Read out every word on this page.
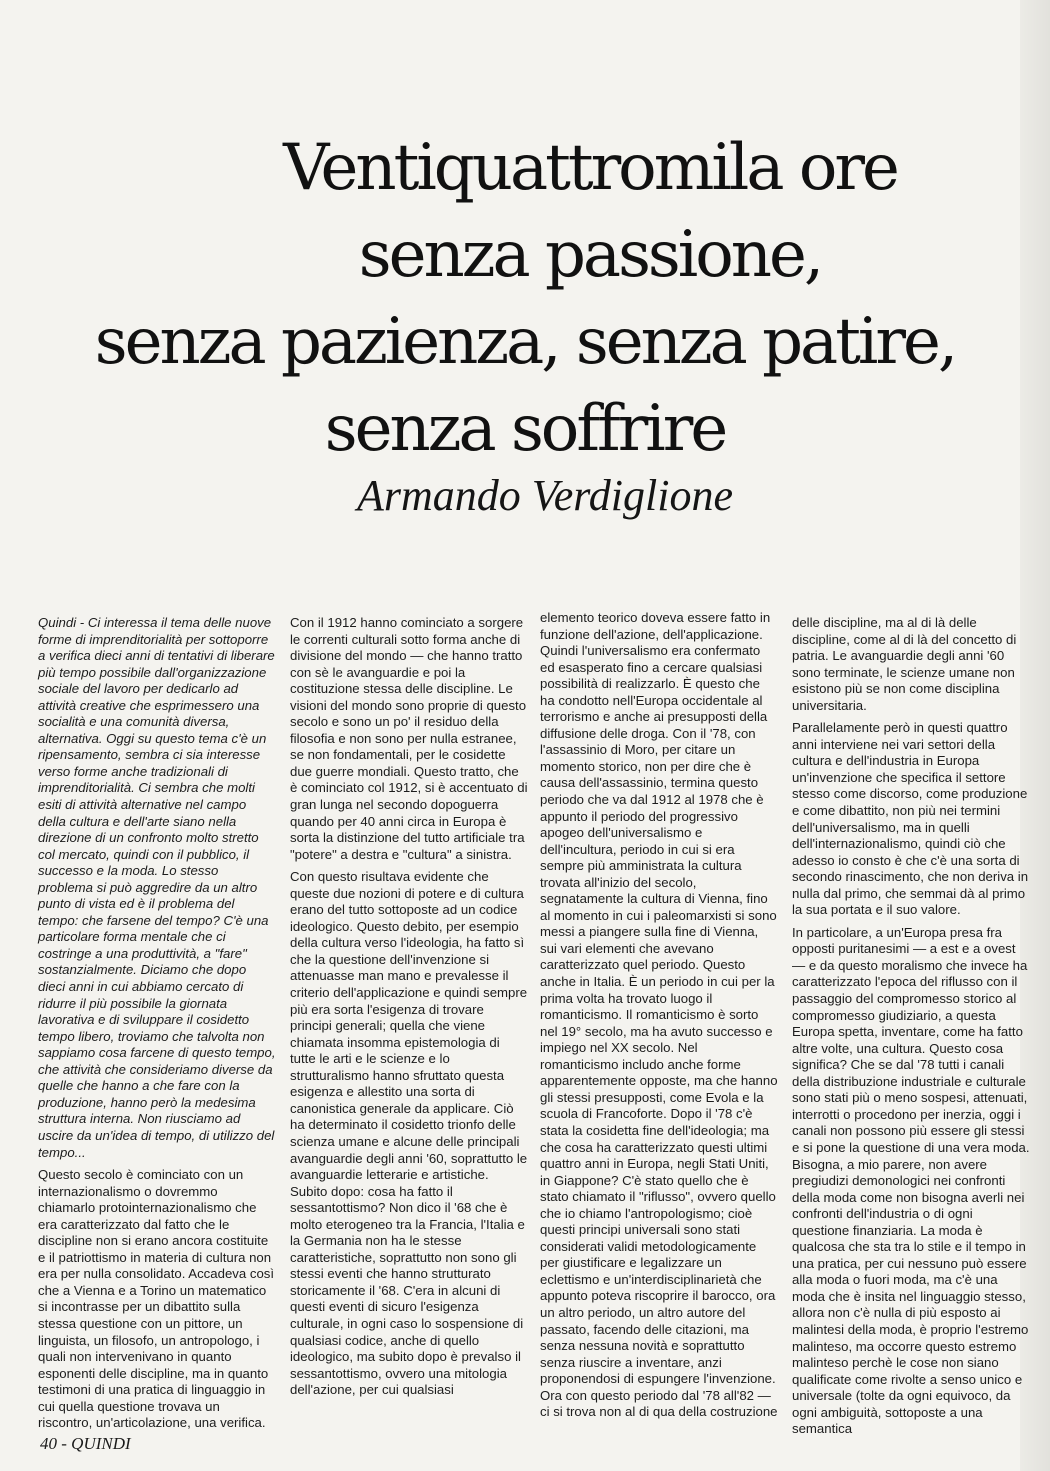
Ventiquattromila ore
senza passione,
senza pazienza, senza patire,
senza soffrire
Armando Verdiglione

Quindi - Ci interessa il tema delle nuove forme di imprenditorialità per sottoporre a verifica dieci anni di tentativi di liberare più tempo possibile dall'organizzazione sociale del lavoro per dedicarlo ad attività creative che esprimessero una socialità e una comunità diversa, alternativa. Oggi su questo tema c'è un ripensamento, sembra ci sia interesse verso forme anche tradizionali di imprenditorialità. Ci sembra che molti esiti di attività alternative nel campo della cultura e dell'arte siano nella direzione di un confronto molto stretto col mercato, quindi con il pubblico, il successo e la moda. Lo stesso problema si può aggredire da un altro punto di vista ed è il problema del tempo: che farsene del tempo? C'è una particolare forma mentale che ci costringe a una produttività, a "fare" sostanzialmente. Diciamo che dopo dieci anni in cui abbiamo cercato di ridurre il più possibile la giornata lavorativa e di sviluppare il cosidetto tempo libero, troviamo che talvolta non sappiamo cosa farcene di questo tempo, che attività che consideriamo diverse da quelle che hanno a che fare con la produzione, hanno però la medesima struttura interna. Non riusciamo ad uscire da un'idea di tempo, di utilizzo del tempo...

Questo secolo è cominciato con un internazionalismo o dovremmo chiamarlo protointernazionalismo che era caratterizzato dal fatto che le discipline non si erano ancora costituite e il patriottismo in materia di cultura non era per nulla consolidato. Accadeva così che a Vienna e a Torino un matematico si incontrasse per un dibattito sulla stessa questione con un pittore, un linguista, un filosofo, un antropologo, i quali non intervenivano in quanto esponenti delle discipline, ma in quanto testimoni di una pratica di linguaggio in cui quella questione trovava un riscontro, un'articolazione, una verifica.

Con il 1912 hanno cominciato a sorgere le correnti culturali sotto forma anche di divisione del mondo — che hanno tratto con sè le avanguardie e poi la costituzione stessa delle discipline. Le visioni del mondo sono proprie di questo secolo e sono un po' il residuo della filosofia e non sono per nulla estranee, se non fondamentali, per le cosidette due guerre mondiali. Questo tratto, che è cominciato col 1912, si è accentuato di gran lunga nel secondo dopoguerra quando per 40 anni circa in Europa è sorta la distinzione del tutto artificiale tra "potere" a destra e "cultura" a sinistra.

Con questo risultava evidente che queste due nozioni di potere e di cultura erano del tutto sottoposte ad un codice ideologico. Questo debito, per esempio della cultura verso l'ideologia, ha fatto sì che la questione dell'invenzione si attenuasse man mano e prevalesse il criterio dell'applicazione e quindi sempre più era sorta l'esigenza di trovare principi generali; quella che viene chiamata insomma epistemologia di tutte le arti e le scienze e lo strutturalismo hanno sfruttato questa esigenza e allestito una sorta di canonistica generale da applicare. Ciò ha determinato il cosidetto trionfo delle scienza umane e alcune delle principali avanguardie degli anni '60, soprattutto le avanguardie letterarie e artistiche. Subito dopo: cosa ha fatto il sessantottismo? Non dico il '68 che è molto eterogeneo tra la Francia, l'Italia e la Germania non ha le stesse caratteristiche, soprattutto non sono gli stessi eventi che hanno strutturato storicamente il '68. C'era in alcuni di questi eventi di sicuro l'esigenza culturale, in ogni caso lo sospensione di qualsiasi codice, anche di quello ideologico, ma subito dopo è prevalso il sessantottismo, ovvero una mitologia dell'azione, per cui qualsiasi

elemento teorico doveva essere fatto in funzione dell'azione, dell'applicazione. Quindi l'universalismo era confermato ed esasperato fino a cercare qualsiasi possibilità di realizzarlo. È questo che ha condotto nell'Europa occidentale al terrorismo e anche ai presupposti della diffusione delle droga. Con il '78, con l'assassinio di Moro, per citare un momento storico, non per dire che è causa dell'assassinio, termina questo periodo che va dal 1912 al 1978 che è appunto il periodo del progressivo apogeo dell'universalismo e dell'incultura, periodo in cui si era sempre più amministrata la cultura trovata all'inizio del secolo, segnatamente la cultura di Vienna, fino al momento in cui i paleomarxisti si sono messi a piangere sulla fine di Vienna, sui vari elementi che avevano caratterizzato quel periodo. Questo anche in Italia. È un periodo in cui per la prima volta ha trovato luogo il romanticismo. Il romanticismo è sorto nel 19° secolo, ma ha avuto successo e impiego nel XX secolo. Nel romanticismo includo anche forme apparentemente opposte, ma che hanno gli stessi presupposti, come Evola e la scuola di Francoforte. Dopo il '78 c'è stata la cosidetta fine dell'ideologia; ma che cosa ha caratterizzato questi ultimi quattro anni in Europa, negli Stati Uniti, in Giappone? C'è stato quello che è stato chiamato il "riflusso", ovvero quello che io chiamo l'antropologismo; cioè questi principi universali sono stati considerati validi metodologicamente per giustificare e legalizzare un eclettismo e un'interdisciplinarietà che appunto poteva riscoprire il barocco, ora un altro periodo, un altro autore del passato, facendo delle citazioni, ma senza nessuna novità e soprattutto senza riuscire a inventare, anzi proponendosi di espungere l'invenzione. Ora con questo periodo dal '78 all'82 — ci si trova non al di qua della costruzione

delle discipline, ma al di là delle discipline, come al di là del concetto di patria. Le avanguardie degli anni '60 sono terminate, le scienze umane non esistono più se non come disciplina universitaria.

Parallelamente però in questi quattro anni interviene nei vari settori della cultura e dell'industria in Europa un'invenzione che specifica il settore stesso come discorso, come produzione e come dibattito, non più nei termini dell'universalismo, ma in quelli dell'internazionalismo, quindi ciò che adesso io consto è che c'è una sorta di secondo rinascimento, che non deriva in nulla dal primo, che semmai dà al primo la sua portata e il suo valore.

In particolare, a un'Europa presa fra opposti puritanesimi — a est e a ovest — e da questo moralismo che invece ha caratterizzato l'epoca del riflusso con il passaggio del compromesso storico al compromesso giudiziario, a questa Europa spetta, inventare, come ha fatto altre volte, una cultura. Questo cosa significa? Che se dal '78 tutti i canali della distribuzione industriale e culturale sono stati più o meno sospesi, attenuati, interrotti o procedono per inerzia, oggi i canali non possono più essere gli stessi e si pone la questione di una vera moda. Bisogna, a mio parere, non avere pregiudizi demonologici nei confronti della moda come non bisogna averli nei confronti dell'industria o di ogni questione finanziaria. La moda è qualcosa che sta tra lo stile e il tempo in una pratica, per cui nessuno può essere alla moda o fuori moda, ma c'è una moda che è insita nel linguaggio stesso, allora non c'è nulla di più esposto ai malintesi della moda, è proprio l'estremo malinteso, ma occorre questo estremo malinteso perchè le cose non siano qualificate come rivolte a senso unico e universale (tolte da ogni equivoco, da ogni ambiguità, sottoposte a una semantica

40 - QUINDI
